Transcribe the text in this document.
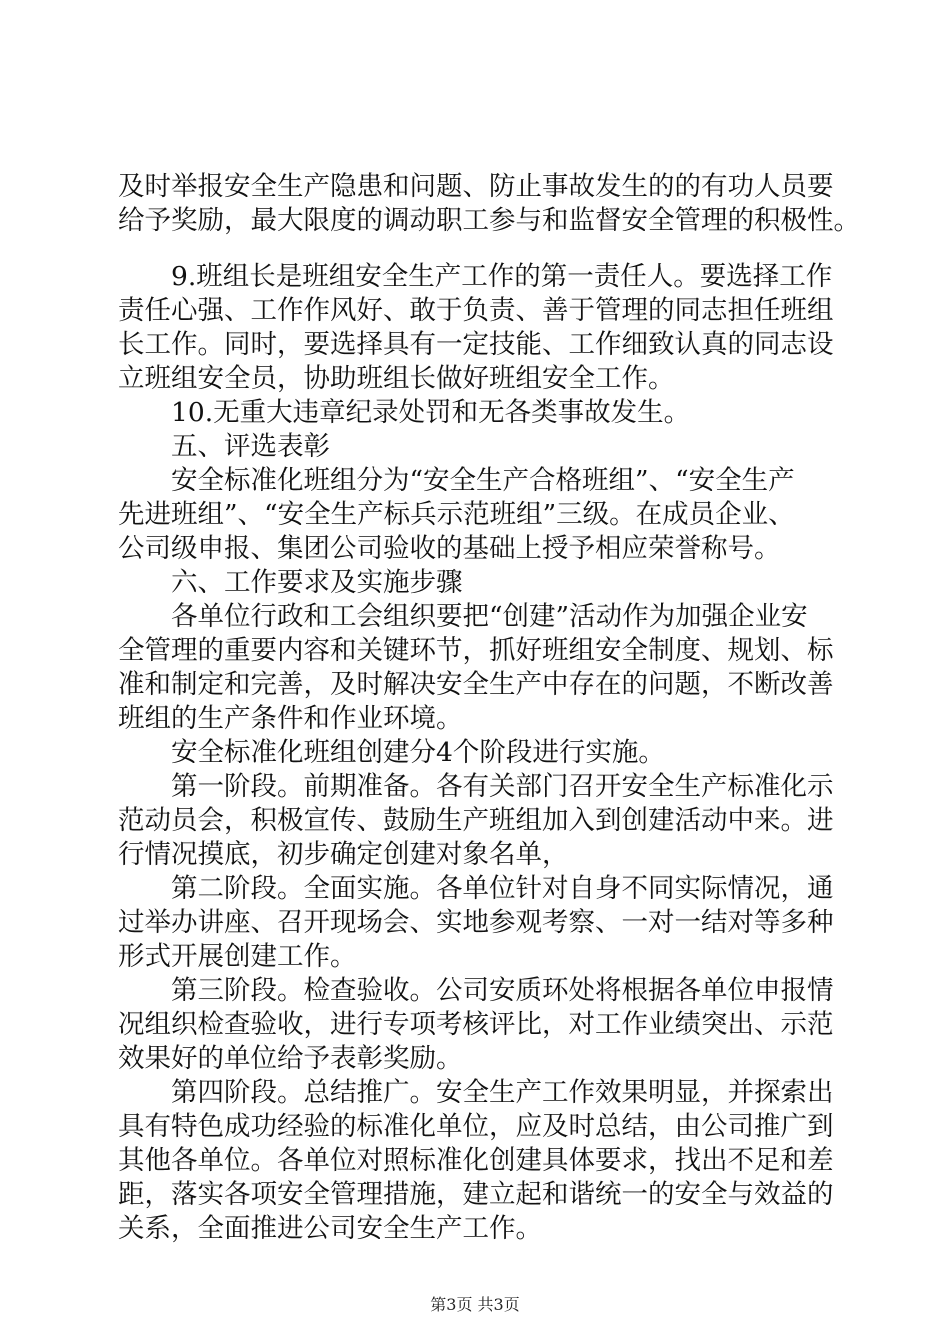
及时举报安全生产隐患和问题、防止事故发生的的有功人员要
给予奖励，最大限度的调动职工参与和监督安全管理的积极性。

　　9.班组长是班组安全生产工作的第一责任人。要选择工作
责任心强、工作作风好、敢于负责、善于管理的同志担任班组
长工作。同时，要选择具有一定技能、工作细致认真的同志设
立班组安全员，协助班组长做好班组安全工作。

　　10.无重大违章纪录处罚和无各类事故发生。

　　五、评选表彰

　　安全标准化班组分为“安全生产合格班组”、“安全生产
先进班组”、“安全生产标兵示范班组”三级。在成员企业、
公司级申报、集团公司验收的基础上授予相应荣誉称号。

　　六、工作要求及实施步骤

　　各单位行政和工会组织要把“创建”活动作为加强企业安
全管理的重要内容和关键环节，抓好班组安全制度、规划、标
准和制定和完善，及时解决安全生产中存在的问题，不断改善
班组的生产条件和作业环境。

　　安全标准化班组创建分4个阶段进行实施。

　　第一阶段。前期准备。各有关部门召开安全生产标准化示
范动员会，积极宣传、鼓励生产班组加入到创建活动中来。进
行情况摸底，初步确定创建对象名单，

　　第二阶段。全面实施。各单位针对自身不同实际情况，通
过举办讲座、召开现场会、实地参观考察、一对一结对等多种
形式开展创建工作。

　　第三阶段。检查验收。公司安质环处将根据各单位申报情
况组织检查验收，进行专项考核评比，对工作业绩突出、示范
效果好的单位给予表彰奖励。

　　第四阶段。总结推广。安全生产工作效果明显，并探索出
具有特色成功经验的标准化单位，应及时总结，由公司推广到
其他各单位。各单位对照标准化创建具体要求，找出不足和差
距，落实各项安全管理措施，建立起和谐统一的安全与效益的
关系，全面推进公司安全生产工作。

第3页 共3页
